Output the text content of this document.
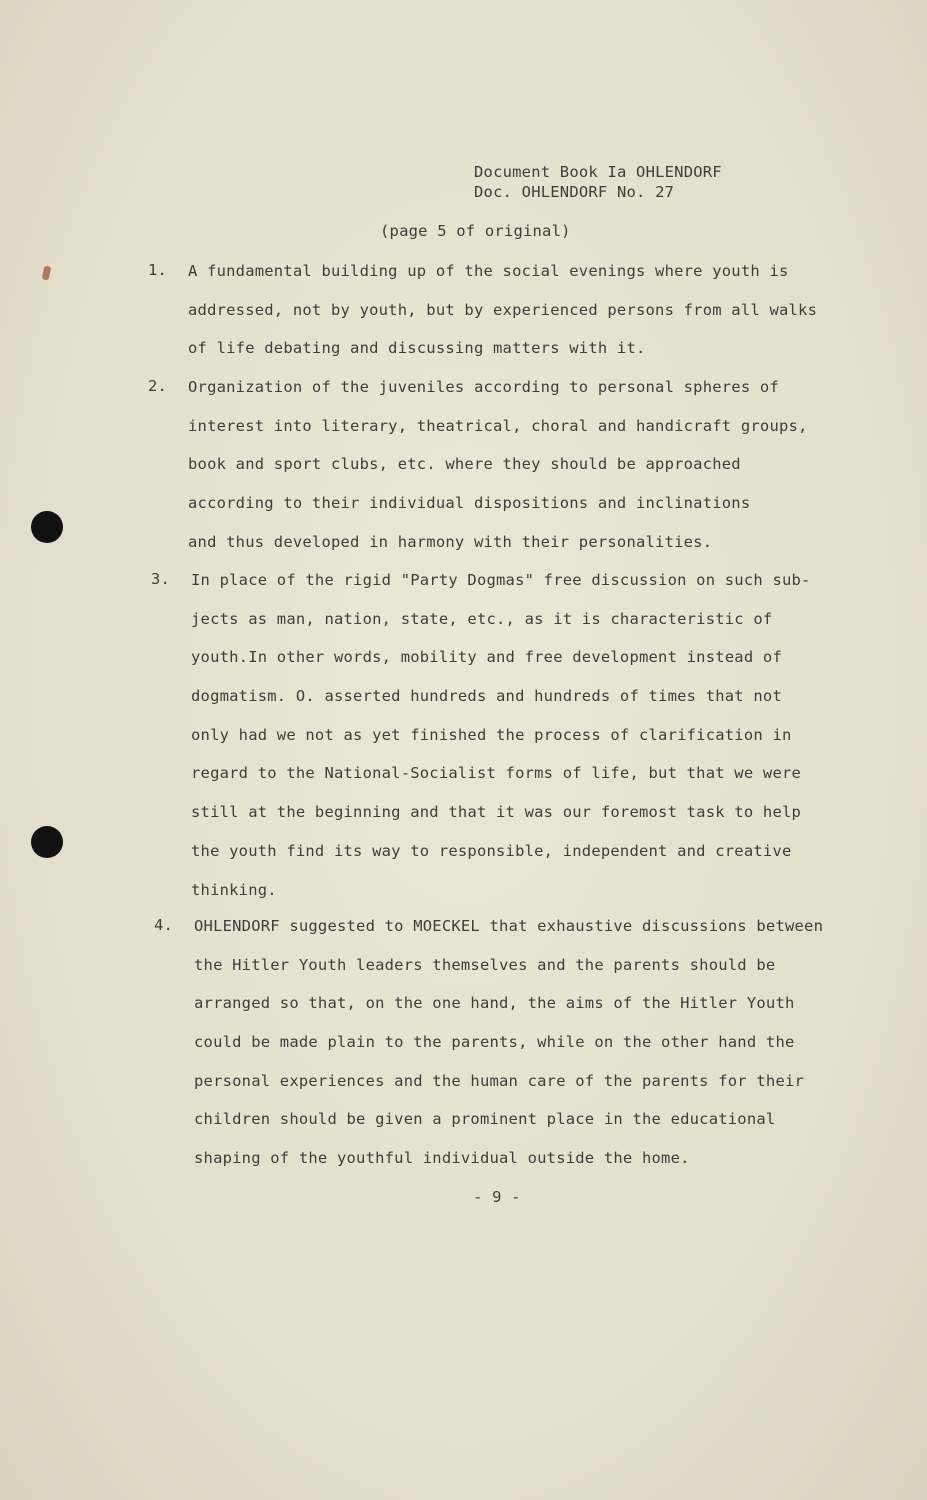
Document Book Ia OHLENDORF
Doc. OHLENDORF No. 27
(page 5 of original)
1.	A fundamental building up of the social evenings where youth is
addressed, not by youth, but by experienced persons from all walks
of life debating and discussing matters with it.
2.	Organization of the juveniles according to personal spheres of
interest into literary, theatrical, choral and handicraft groups,
book and sport clubs, etc. where they should be approached
according to their individual dispositions and inclinations
and thus developed in harmony with their personalities.
3.	In place of the rigid "Party Dogmas" free discussion on such sub-
jects as man, nation, state, etc., as it is characteristic of
youth.In other words, mobility and free development instead of
dogmatism. O. asserted hundreds and hundreds of times that not
only had we not as yet finished the process of clarification in
regard to the National-Socialist forms of life, but that we were
still at the beginning and that it was our foremost task to help
the youth find its way to responsible, independent and creative
thinking.
4.	OHLENDORF suggested to MOECKEL that exhaustive discussions between
the Hitler Youth leaders themselves and the parents should be
arranged so that, on the one hand, the aims of the Hitler Youth
could be made plain to the parents, while on the other hand the
personal experiences and the human care of the parents for their
children should be given a prominent place in the educational
shaping of the youthful individual outside the home.
- 9 -
